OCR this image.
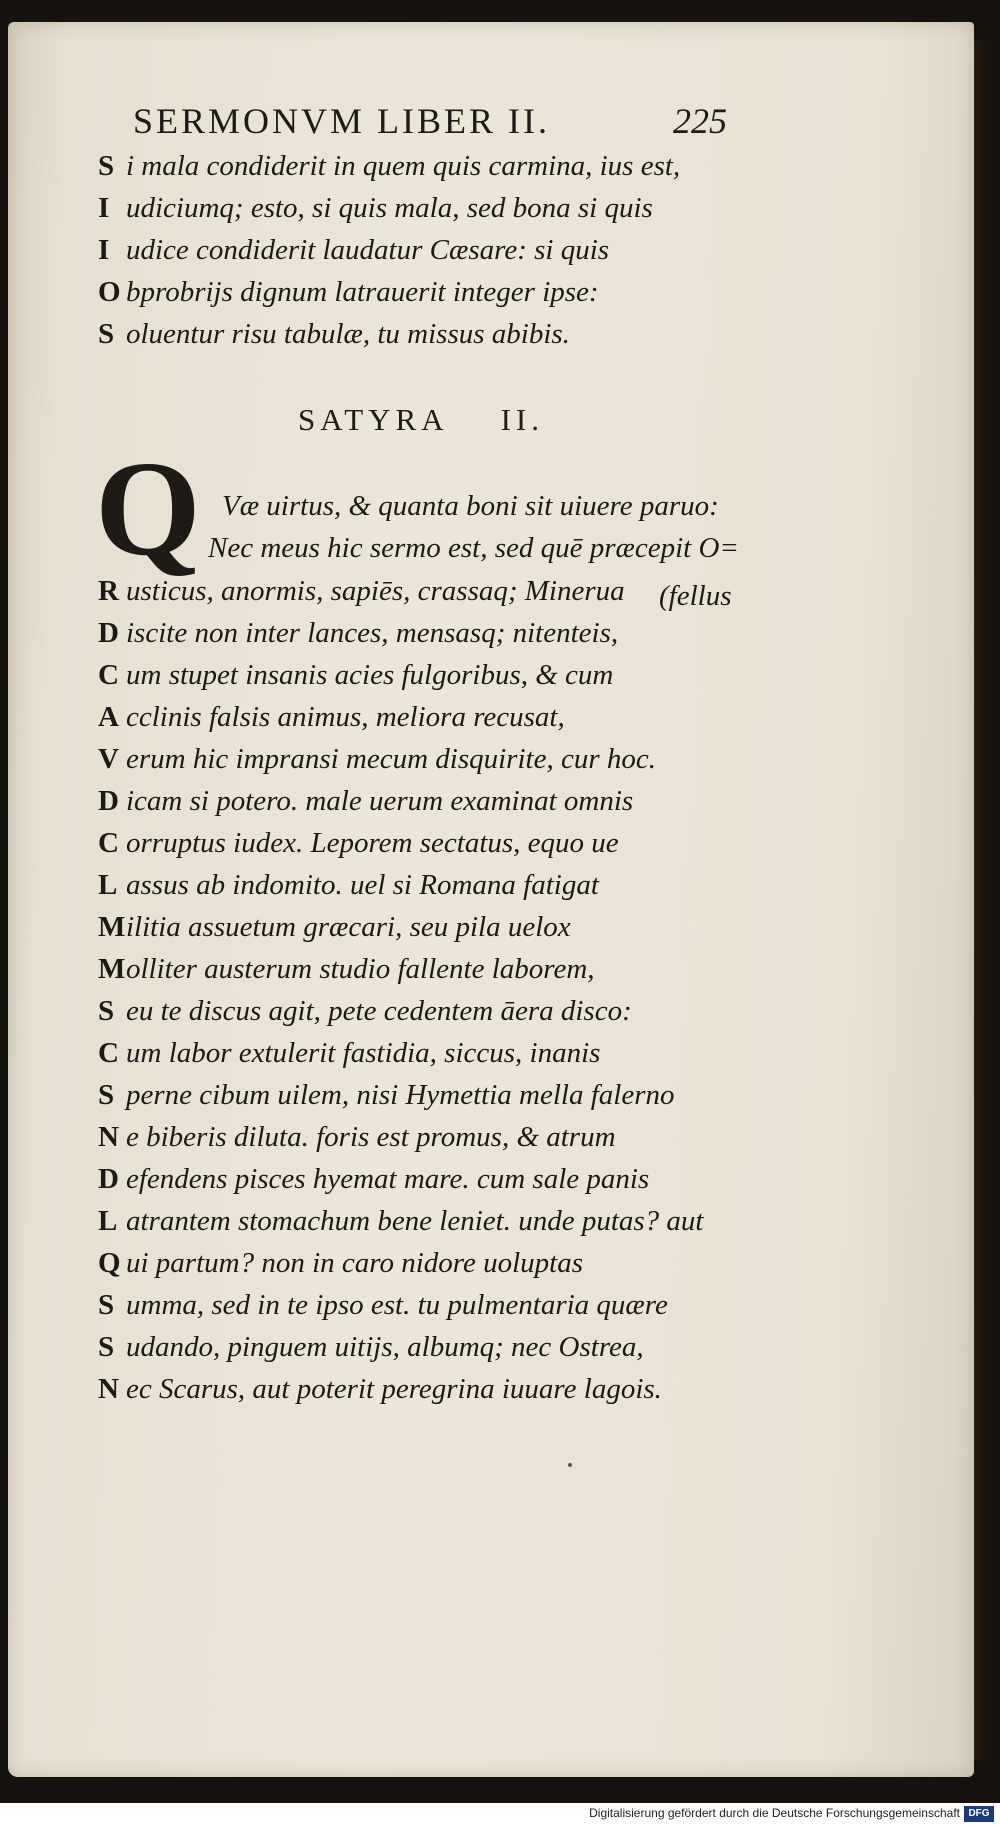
SERMONVM LIBER II.	225
S i mala condiderit in quem quis carmina, ius est,
I udiciumq; esto, si quis mala, sed bona si quis
I udice condiderit laudatur Cæsare: si quis
O bprobrijs dignum latrauerit integer ipse:
S oluentur risu tabulæ, tu missus abibis.
SATYRA II.
Q Væ uirtus, & quanta boni sit uiuere paruo:
Nec meus hic sermo est, sed quē præcepit O=
(fellus
R usticus, anormis, sapiēs, crassaq; Minerua
D iscite non inter lances, mensasq; nitenteis,
C um stupet insanis acies fulgoribus, & cum
A cclinis falsis animus, meliora recusat,
V erum hic impransi mecum disquirite, cur hoc.
D icam si potero. male uerum examinat omnis
C orruptus iudex. Leporem sectatus, equo ue
L assus ab indomito. uel si Romana fatigat
Militia assuetum græcari, seu pila uelox
Molliter austerum studio fallente laborem,
S eu te discus agit, pete cedentem āera disco:
C um labor extulerit fastidia, siccus, inanis
S perne cibum uilem, nisi Hymettia mella falerno
N e biberis diluta. foris est promus, & atrum
D efendens pisces hyemat mare. cum sale panis
L atrantem stomachum bene leniet. unde putas? aut
Q ui partum? non in caro nidore uoluptas
S umma, sed in te ipso est. tu pulmentaria quære
S udando, pinguem uitijs, albumq; nec Ostrea,
N ec Scarus, aut poterit peregrina iuuare lagois.
Digitalisierung gefördert durch die Deutsche Forschungsgemeinschaft DFG
